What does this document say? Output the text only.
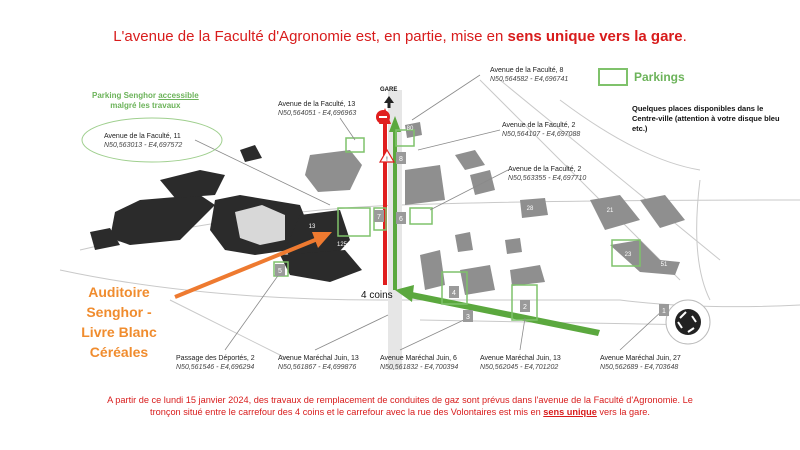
L'avenue de la Faculté d'Agronomie est, en partie, mise en sens unique vers la gare.
!
1
2
3
4
5
6
7
8
125
13
80
48
21
23
51
28
GARE
Parkings
Quelques places disponibles dans le Centre-ville (attention à votre disque bleu etc.)
Parking Senghor accessible
malgré les travaux
Auditoire
Senghor -
Livre Blanc
Céréales
4 coins
Avenue de la Faculté, 8
N50,564582 - E4,696741
Avenue de la Faculté, 13
N50,564051 - E4,696963
Avenue de la Faculté, 2
N50,564107 - E4,697088
Avenue de la Faculté, 11
N50,563013 - E4,697572
Avenue de la Faculté, 2
N50,563355 - E4,697710
Passage des Déportés, 2
N50,561546 - E4,696294
Avenue Maréchal Juin, 13
N50,561867 - E4,699876
Avenue Maréchal Juin, 6
N50,561832 - E4,700394
Avenue Maréchal Juin, 13
N50,562045 - E4,701202
Avenue Maréchal Juin, 27
N50,562689 - E4,703648
A partir de ce lundi 15 janvier 2024, des travaux de remplacement de conduites de gaz sont prévus dans l'avenue de la Faculté d'Agronomie. Le tronçon situé entre le carrefour des 4 coins et le carrefour avec la rue des Volontaires est mis en sens unique vers la gare.
